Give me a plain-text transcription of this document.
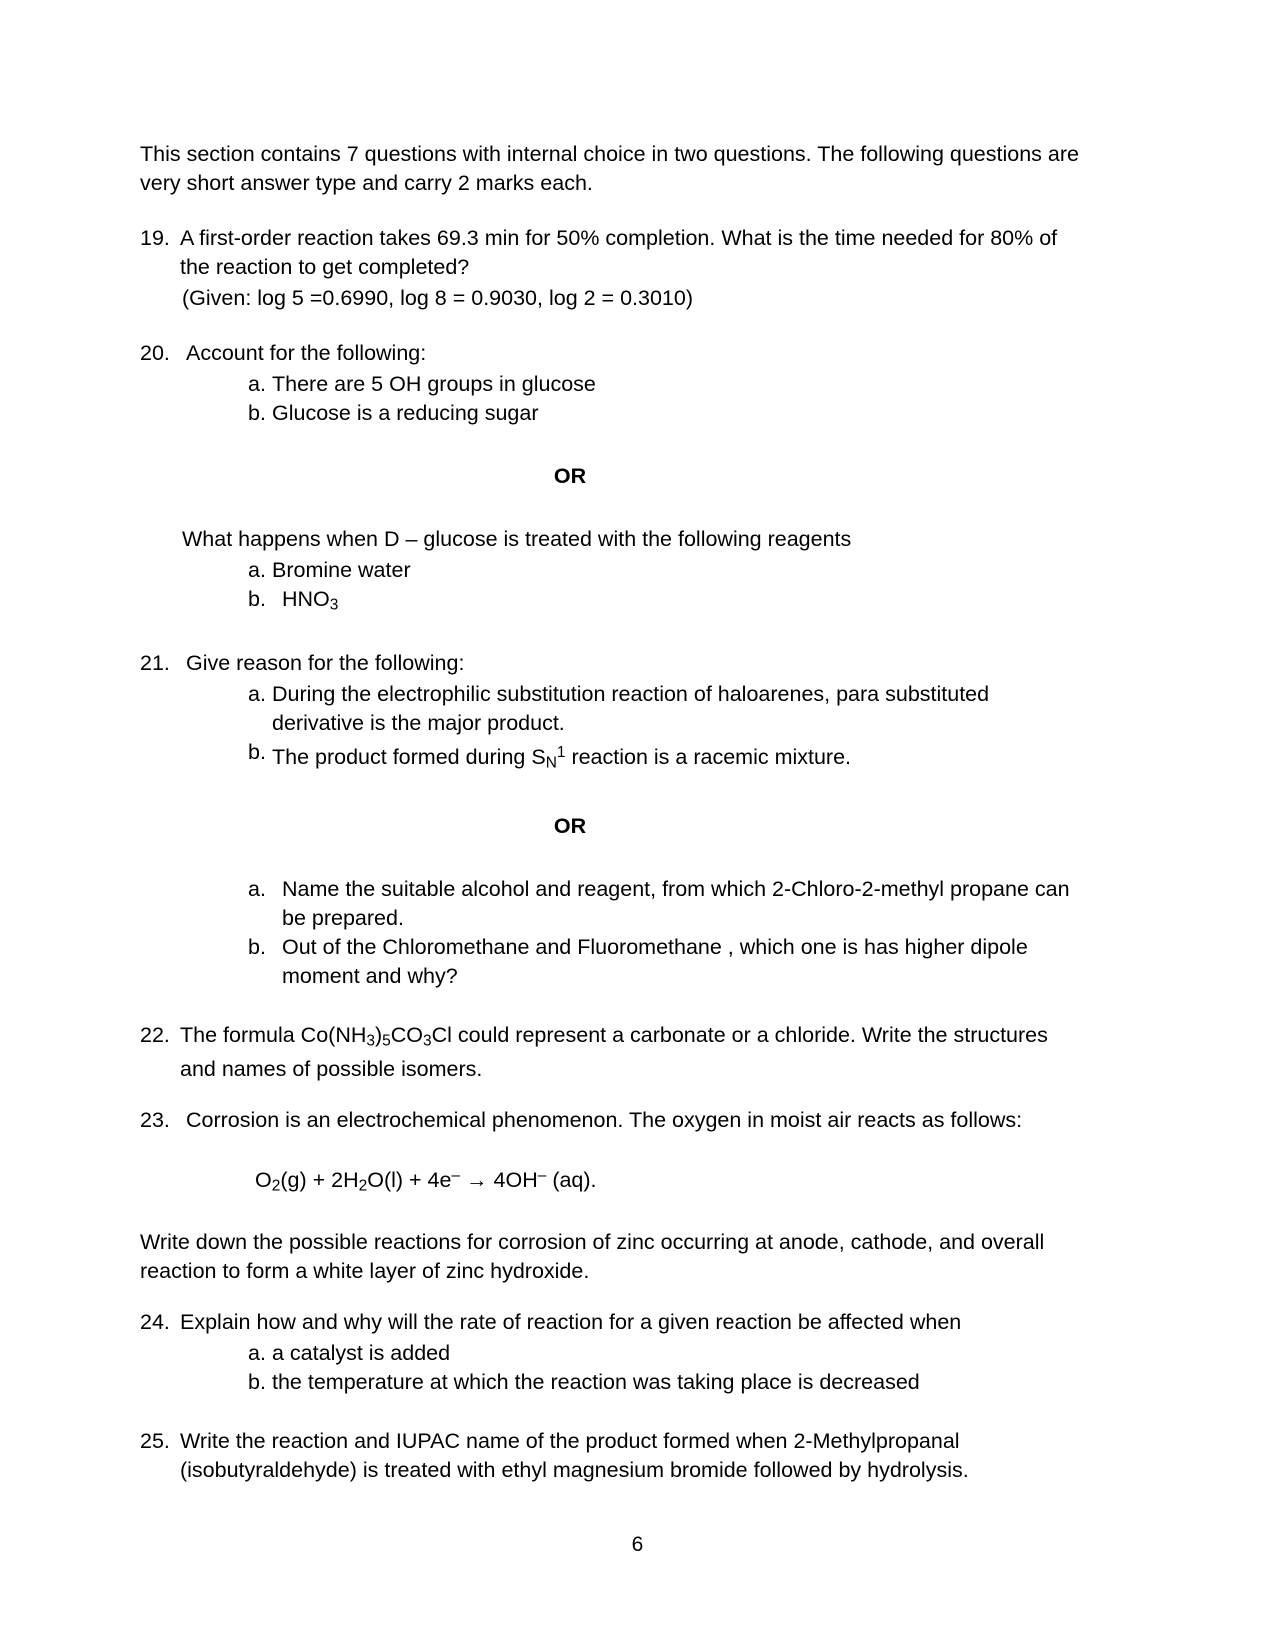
This section contains 7 questions with internal choice in two questions. The following questions are very short answer type and carry 2 marks each.

19. A first-order reaction takes 69.3 min for 50% completion. What is the time needed for 80% of the reaction to get completed?
(Given: log 5 =0.6990, log 8 = 0.9030, log 2 = 0.3010)
20. Account for the following:
a. There are 5 OH groups in glucose
b. Glucose is a reducing sugar
OR
What happens when D – glucose is treated with the following reagents
a. Bromine water
b. $HNO_3$
21. Give reason for the following:
a. During the electrophilic substitution reaction of haloarenes, para substituted derivative is the major product.
b. The product formed during $S_N^1$ reaction is a racemic mixture.
OR
a. Name the suitable alcohol and reagent, from which 2-Chloro-2-methyl propane can be prepared.
b. Out of the Chloromethane and Fluoromethane , which one is has higher dipole moment and why?
22. The formula $Co(NH_3)_5CO_3Cl$ could represent a carbonate or a chloride. Write the structures and names of possible isomers.
23. Corrosion is an electrochemical phenomenon. The oxygen in moist air reacts as follows:
$O_2(g) + 2H_2O(l) + 4e^- \to 4OH^-$ (aq).

Write down the possible reactions for corrosion of zinc occurring at anode, cathode, and overall reaction to form a white layer of zinc hydroxide.

24. Explain how and why will the rate of reaction for a given reaction be affected when
a. a catalyst is added
b. the temperature at which the reaction was taking place is decreased
25. Write the reaction and IUPAC name of the product formed when 2-Methylpropanal (isobutyraldehyde) is treated with ethyl magnesium bromide followed by hydrolysis.
6
